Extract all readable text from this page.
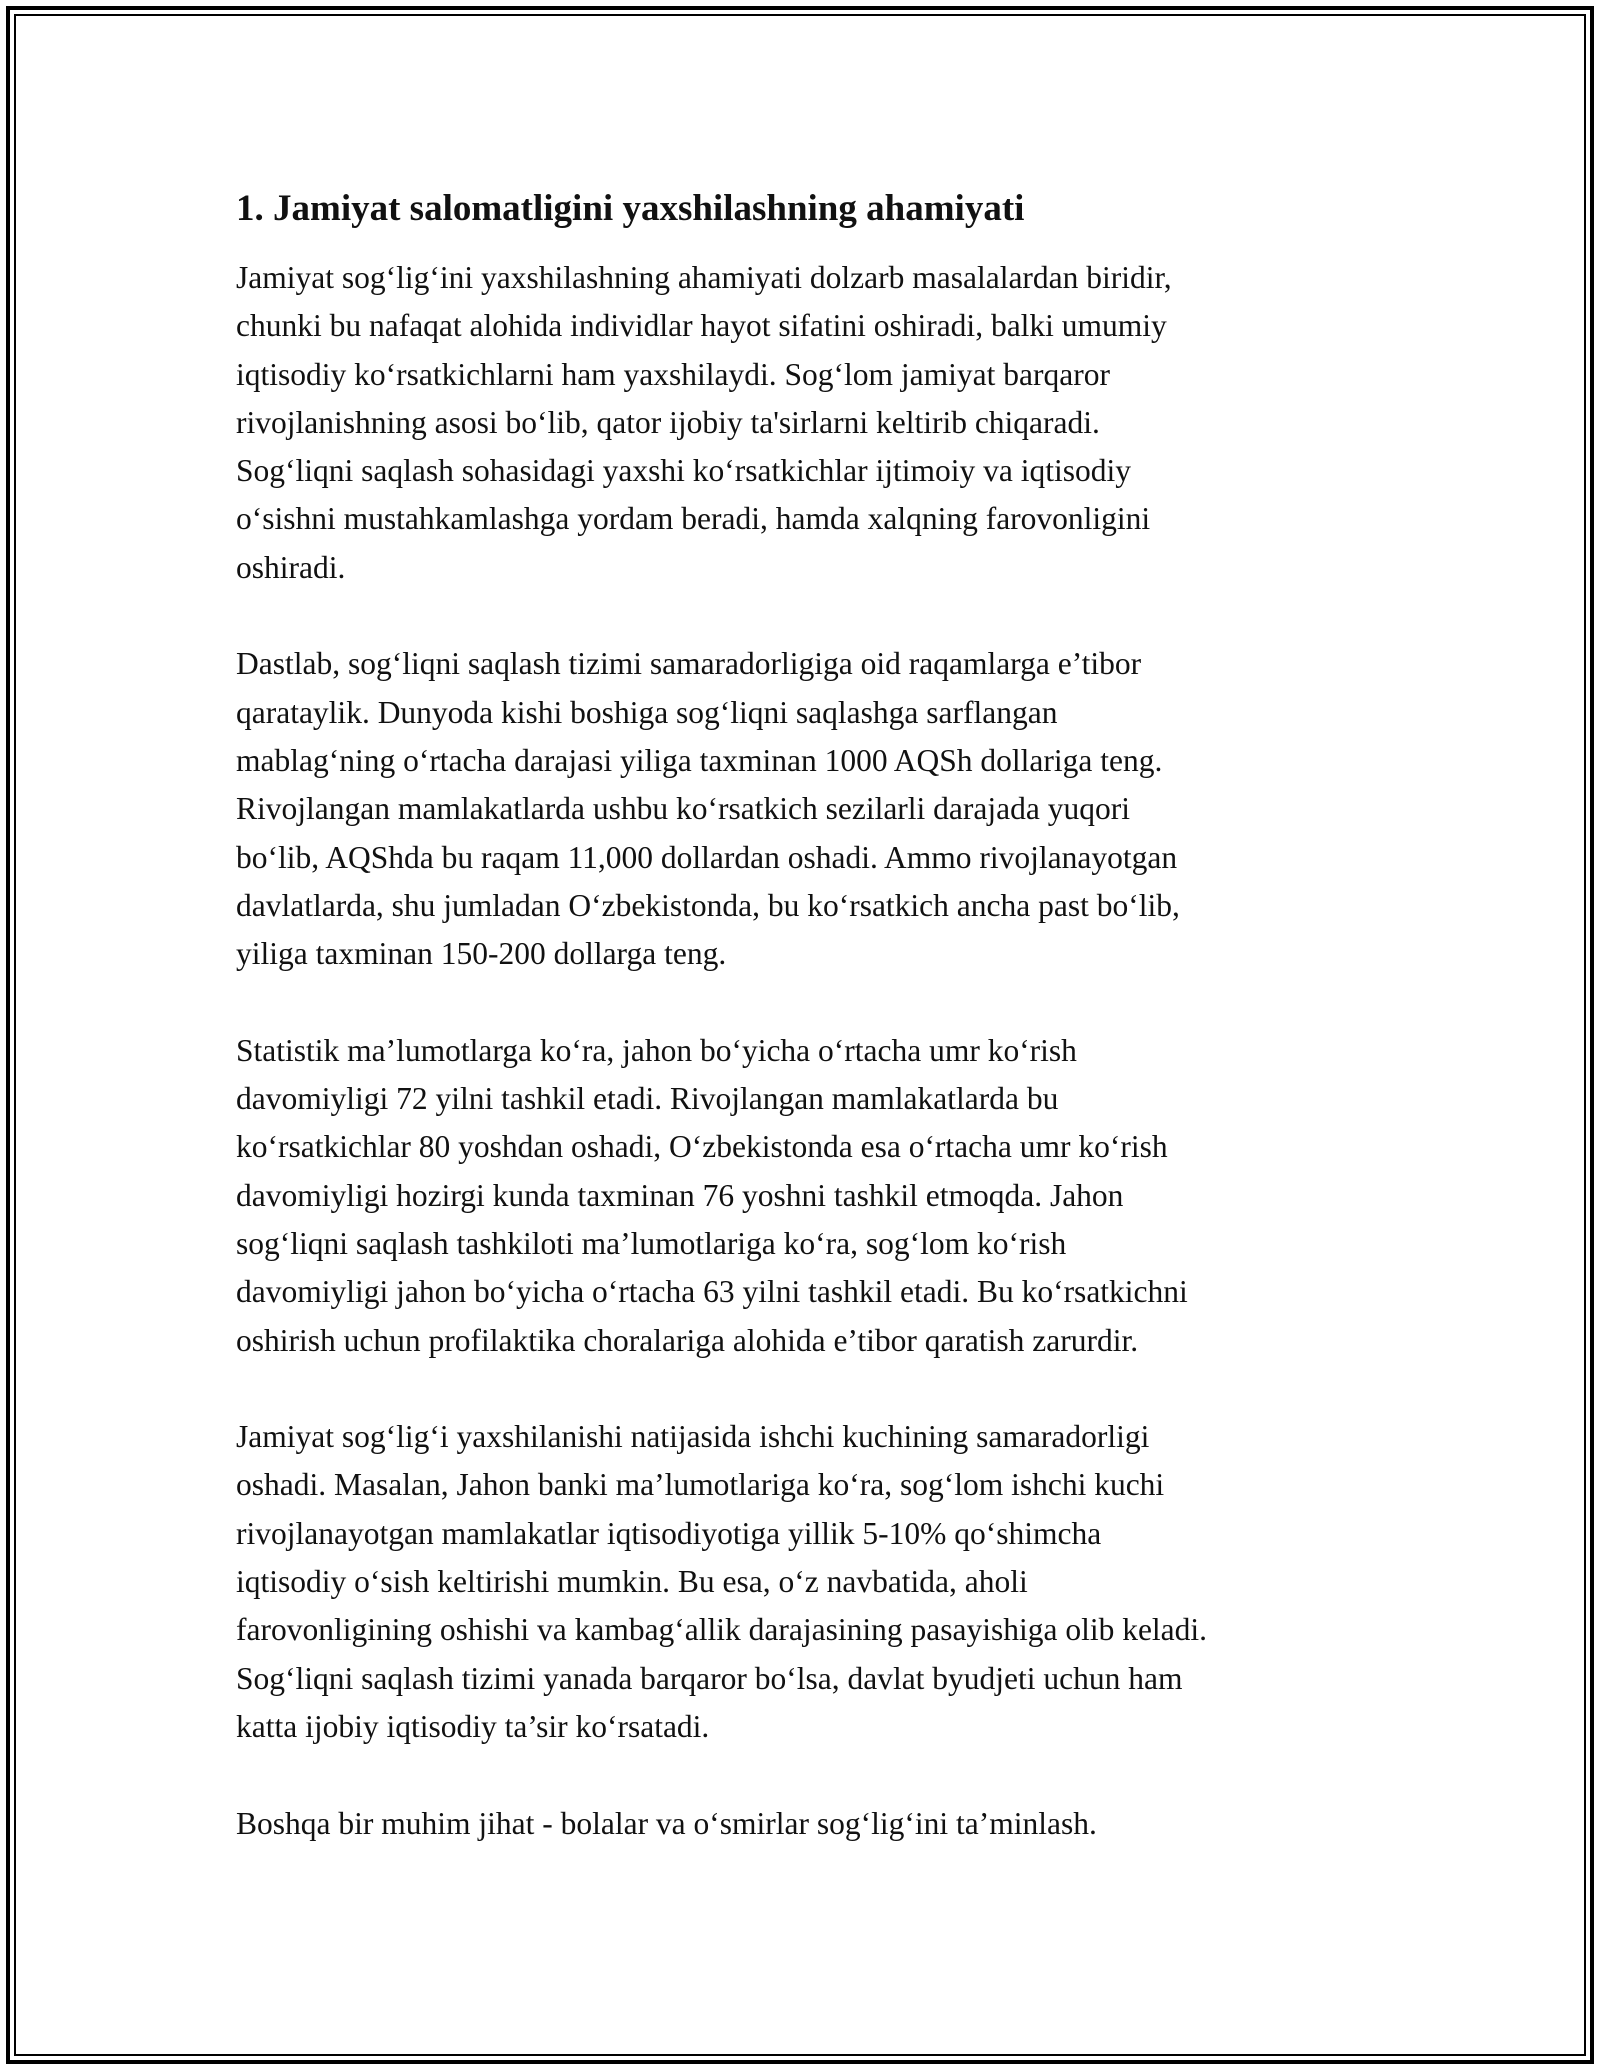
1. Jamiyat salomatligini yaxshilashning ahamiyati

Jamiyat sog‘lig‘ini yaxshilashning ahamiyati dolzarb masalalardan biridir,
chunki bu nafaqat alohida individlar hayot sifatini oshiradi, balki umumiy
iqtisodiy ko‘rsatkichlarni ham yaxshilaydi. Sog‘lom jamiyat barqaror
rivojlanishning asosi bo‘lib, qator ijobiy ta'sirlarni keltirib chiqaradi.
Sog‘liqni saqlash sohasidagi yaxshi ko‘rsatkichlar ijtimoiy va iqtisodiy
o‘sishni mustahkamlashga yordam beradi, hamda xalqning farovonligini
oshiradi.

Dastlab, sog‘liqni saqlash tizimi samaradorligiga oid raqamlarga e’tibor
qarataylik. Dunyoda kishi boshiga sog‘liqni saqlashga sarflangan
mablag‘ning o‘rtacha darajasi yiliga taxminan 1000 AQSh dollariga teng.
Rivojlangan mamlakatlarda ushbu ko‘rsatkich sezilarli darajada yuqori
bo‘lib, AQShda bu raqam 11,000 dollardan oshadi. Ammo rivojlanayotgan
davlatlarda, shu jumladan O‘zbekistonda, bu ko‘rsatkich ancha past bo‘lib,
yiliga taxminan 150-200 dollarga teng.

Statistik ma’lumotlarga ko‘ra, jahon bo‘yicha o‘rtacha umr ko‘rish
davomiyligi 72 yilni tashkil etadi. Rivojlangan mamlakatlarda bu
ko‘rsatkichlar 80 yoshdan oshadi, O‘zbekistonda esa o‘rtacha umr ko‘rish
davomiyligi hozirgi kunda taxminan 76 yoshni tashkil etmoqda. Jahon
sog‘liqni saqlash tashkiloti ma’lumotlariga ko‘ra, sog‘lom ko‘rish
davomiyligi jahon bo‘yicha o‘rtacha 63 yilni tashkil etadi. Bu ko‘rsatkichni
oshirish uchun profilaktika choralariga alohida e’tibor qaratish zarurdir.

Jamiyat sog‘lig‘i yaxshilanishi natijasida ishchi kuchining samaradorligi
oshadi. Masalan, Jahon banki ma’lumotlariga ko‘ra, sog‘lom ishchi kuchi
rivojlanayotgan mamlakatlar iqtisodiyotiga yillik 5-10% qo‘shimcha
iqtisodiy o‘sish keltirishi mumkin. Bu esa, o‘z navbatida, aholi
farovonligining oshishi va kambag‘allik darajasining pasayishiga olib keladi.
Sog‘liqni saqlash tizimi yanada barqaror bo‘lsa, davlat byudjeti uchun ham
katta ijobiy iqtisodiy ta’sir ko‘rsatadi.

Boshqa bir muhim jihat - bolalar va o‘smirlar sog‘lig‘ini ta’minlash.
